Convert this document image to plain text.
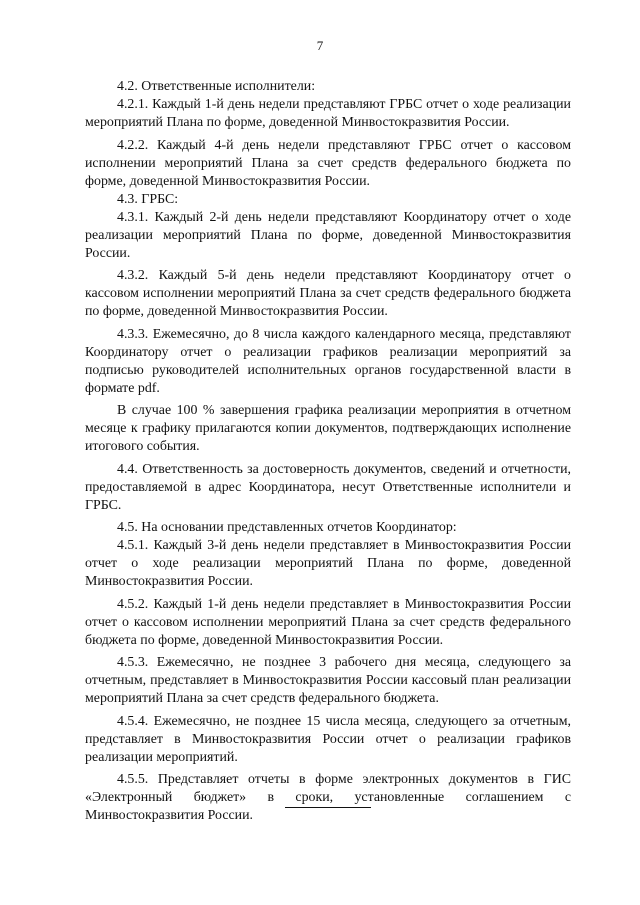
7

4.2. Ответственные исполнители:

4.2.1. Каждый 1-й день недели представляют ГРБС отчет о ходе реализации мероприятий Плана по форме, доведенной Минвостокразвития России.

4.2.2. Каждый 4-й день недели представляют ГРБС отчет о кассовом исполнении мероприятий Плана за счет средств федерального бюджета по форме, доведенной Минвостокразвития России.

4.3. ГРБС:

4.3.1. Каждый 2-й день недели представляют Координатору отчет о ходе реализации мероприятий Плана по форме, доведенной Минвостокразвития России.

4.3.2. Каждый 5-й день недели представляют Координатору отчет о кассовом исполнении мероприятий Плана за счет средств федерального бюджета по форме, доведенной Минвостокразвития России.

4.3.3. Ежемесячно, до 8 числа каждого календарного месяца, представляют Координатору отчет о реализации графиков реализации мероприятий за подписью руководителей исполнительных органов государственной власти в формате pdf.

В случае 100 % завершения графика реализации мероприятия в отчетном месяце к графику прилагаются копии документов, подтверждающих исполнение итогового события.

4.4. Ответственность за достоверность документов, сведений и отчетности, предоставляемой в адрес Координатора, несут Ответственные исполнители и ГРБС.

4.5. На основании представленных отчетов Координатор:

4.5.1. Каждый 3-й день недели представляет в Минвостокразвития России отчет о ходе реализации мероприятий Плана по форме, доведенной Минвостокразвития России.

4.5.2. Каждый 1-й день недели представляет в Минвостокразвития России отчет о кассовом исполнении мероприятий Плана за счет средств федерального бюджета по форме, доведенной Минвостокразвития России.

4.5.3. Ежемесячно, не позднее 3 рабочего дня месяца, следующего за отчетным, представляет в Минвостокразвития России кассовый план реализации мероприятий Плана за счет средств федерального бюджета.

4.5.4. Ежемесячно, не позднее 15 числа месяца, следующего за отчетным, представляет в Минвостокразвития России отчет о реализации графиков реализации мероприятий.

4.5.5. Представляет отчеты в форме электронных документов в ГИС «Электронный бюджет» в сроки, установленные соглашением с Минвостокразвития России.
